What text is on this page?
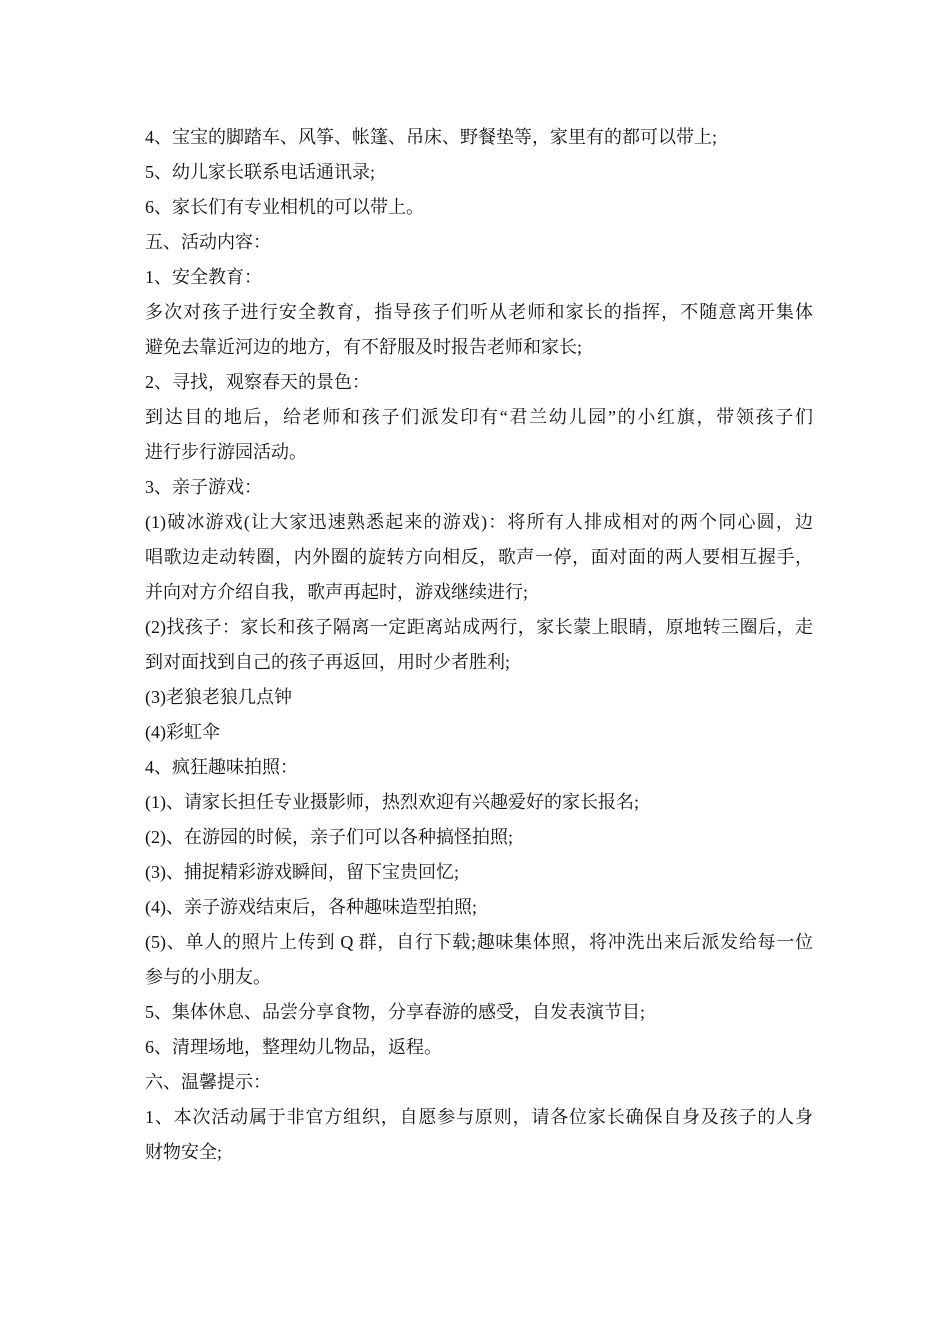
4、宝宝的脚踏车、风筝、帐篷、吊床、野餐垫等，家里有的都可以带上;
5、幼儿家长联系电话通讯录;
6、家长们有专业相机的可以带上。
五、活动内容：
1、安全教育：
多次对孩子进行安全教育，指导孩子们听从老师和家长的指挥，不随意离开集体
避免去靠近河边的地方，有不舒服及时报告老师和家长;
2、寻找，观察春天的景色：
到达目的地后，给老师和孩子们派发印有“君兰幼儿园”的小红旗，带领孩子们
进行步行游园活动。
3、亲子游戏：
(1)破冰游戏(让大家迅速熟悉起来的游戏)：将所有人排成相对的两个同心圆，边
唱歌边走动转圈，内外圈的旋转方向相反，歌声一停，面对面的两人要相互握手，
并向对方介绍自我，歌声再起时，游戏继续进行;
(2)找孩子：家长和孩子隔离一定距离站成两行，家长蒙上眼睛，原地转三圈后，走
到对面找到自己的孩子再返回，用时少者胜利;
(3)老狼老狼几点钟
(4)彩虹伞
4、疯狂趣味拍照：
(1)、请家长担任专业摄影师，热烈欢迎有兴趣爱好的家长报名;
(2)、在游园的时候，亲子们可以各种搞怪拍照;
(3)、捕捉精彩游戏瞬间，留下宝贵回忆;
(4)、亲子游戏结束后，各种趣味造型拍照;
(5)、单人的照片上传到 Q 群，自行下载;趣味集体照，将冲洗出来后派发给每一位
参与的小朋友。
5、集体休息、品尝分享食物，分享春游的感受，自发表演节目;
6、清理场地，整理幼儿物品，返程。
六、温馨提示：
1、本次活动属于非官方组织，自愿参与原则，请各位家长确保自身及孩子的人身
财物安全;
